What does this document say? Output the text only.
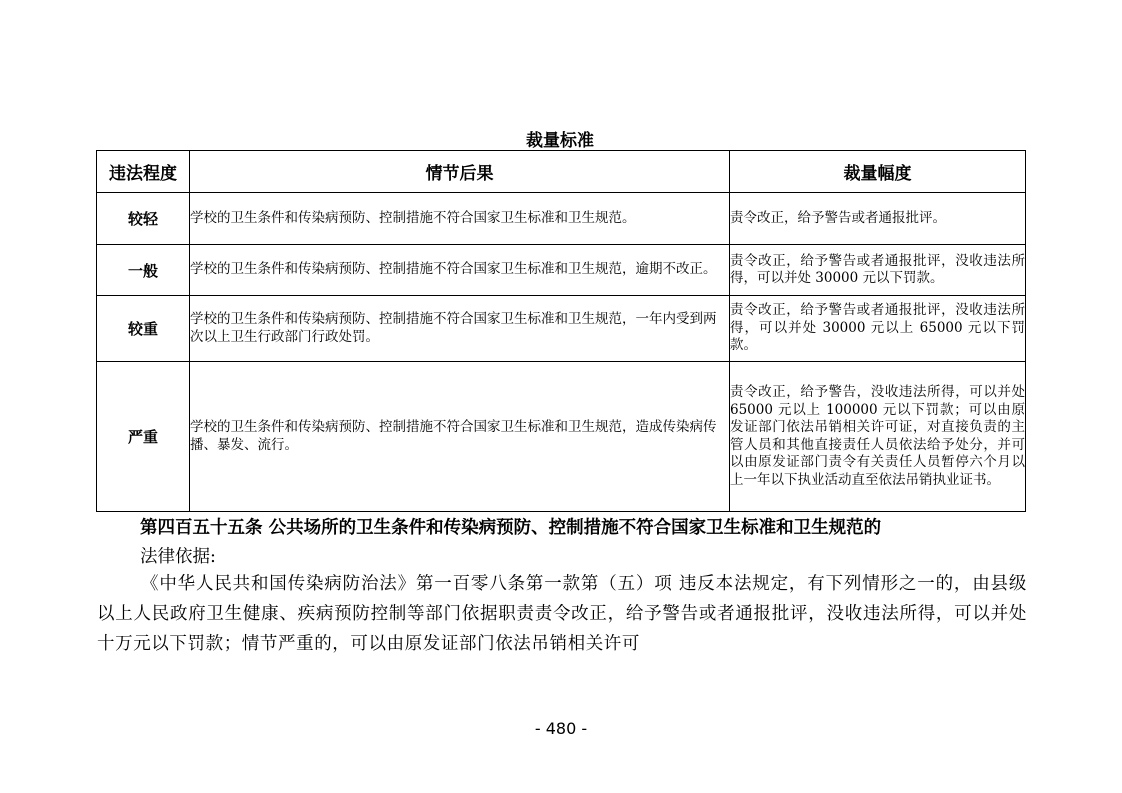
裁量标准
违法程度	情节后果	裁量幅度
较轻	学校的卫生条件和传染病预防、控制措施不符合国家卫生标准和卫生规范。	责令改正，给予警告或者通报批评。
一般	学校的卫生条件和传染病预防、控制措施不符合国家卫生标准和卫生规范，逾期不改正。	责令改正，给予警告或者通报批评，没收违法所得，可以并处 30000 元以下罚款。
较重	学校的卫生条件和传染病预防、控制措施不符合国家卫生标准和卫生规范，一年内受到两次以上卫生行政部门行政处罚。	责令改正，给予警告或者通报批评，没收违法所得，可以并处 30000 元以上 65000 元以下罚款。
严重	学校的卫生条件和传染病预防、控制措施不符合国家卫生标准和卫生规范，造成传染病传播、暴发、流行。	责令改正，给予警告，没收违法所得，可以并处65000 元以上 100000 元以下罚款；可以由原发证部门依法吊销相关许可证，对直接负责的主管人员和其他直接责任人员依法给予处分，并可以由原发证部门责令有关责任人员暂停六个月以上一年以下执业活动直至依法吊销执业证书。
第四百五十五条 公共场所的卫生条件和传染病预防、控制措施不符合国家卫生标准和卫生规范的
法律依据:
《中华人民共和国传染病防治法》第一百零八条第一款第（五）项 违反本法规定，有下列情形之一的，由县级以上人民政府卫生健康、疾病预防控制等部门依据职责责令改正，给予警告或者通报批评，没收违法所得，可以并处十万元以下罚款；情节严重的，可以由原发证部门依法吊销相关许可
- 480 -
